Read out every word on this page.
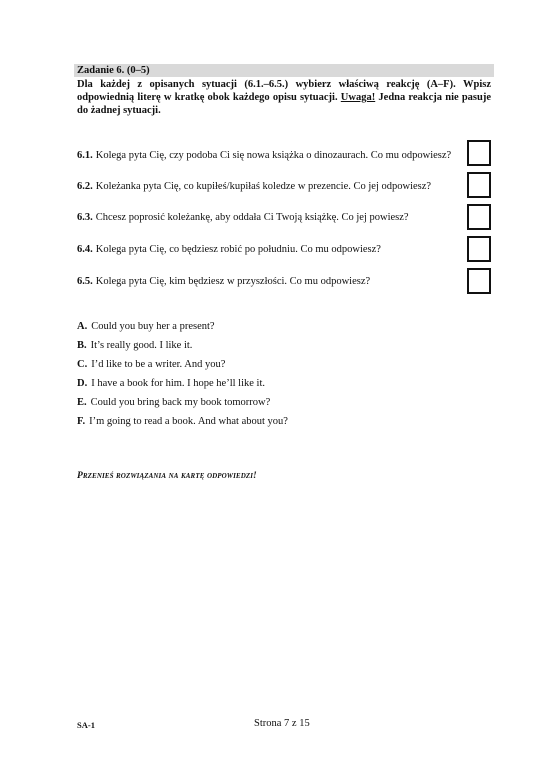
Zadanie 6. (0–5)
Dla każdej z opisanych sytuacji (6.1.–6.5.) wybierz właściwą reakcję (A–F). Wpisz odpowiednią literę w kratkę obok każdego opisu sytuacji. Uwaga! Jedna reakcja nie pasuje do żadnej sytuacji.
6.1. Kolega pyta Cię, czy podoba Ci się nowa książka o dinozaurach. Co mu odpowiesz?
6.2. Koleżanka pyta Cię, co kupiłeś/kupiłaś koledze w prezencie. Co jej odpowiesz?
6.3. Chcesz poprosić koleżankę, aby oddała Ci Twoją książkę. Co jej powiesz?
6.4. Kolega pyta Cię, co będziesz robić po południu. Co mu odpowiesz?
6.5. Kolega pyta Cię, kim będziesz w przyszłości. Co mu odpowiesz?
A. Could you buy her a present?
B. It’s really good. I like it.
C. I’d like to be a writer. And you?
D. I have a book for him. I hope he’ll like it.
E. Could you bring back my book tomorrow?
F. I’m going to read a book. And what about you?
Przenieś rozwiązania na kartę odpowiedzi!
SA-1	Strona 7 z 15
